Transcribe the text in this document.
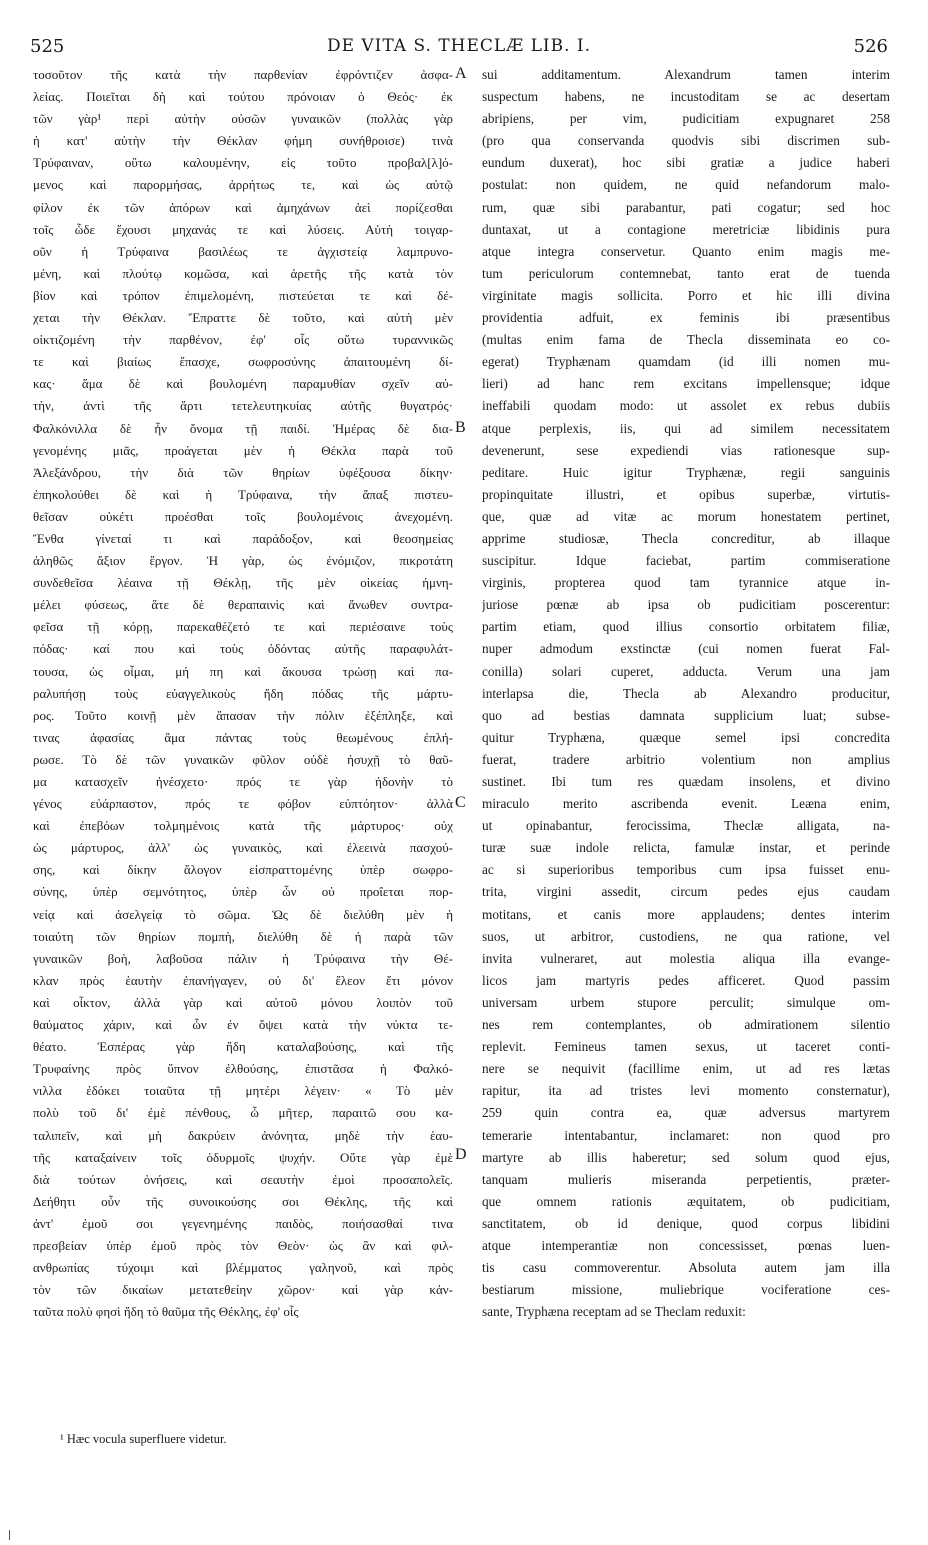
525	DE VITA S. THECLÆ LIB. I.	526
τοσοῦτον τῆς κατὰ τὴν παρθενίαν ἐφρόντιζεν ἀσφα-
λείας. Ποιεῖται δὴ καὶ τούτου πρόνοιαν ὁ Θεός· ἐκ
τῶν γὰρ¹ περὶ αὐτὴν οὐσῶν γυναικῶν (πολλὰς γὰρ
ἡ κατ' αὐτὴν τὴν Θέκλαν φήμη συνήθροισε) τινὰ
Τρύφαιναν, οὕτω καλουμένην, εἰς τοῦτο προβαλ[λ]ό-
μενος καὶ παρορμήσας, ἀρρήτως τε, καὶ ὡς αὐτῷ
φίλον ἐκ τῶν ἀπόρων καὶ ἀμηχάνων ἀεὶ πορίζεσθαι
τοῖς ὧδε ἔχουσι μηχανάς τε καὶ λύσεις. Αὐτὴ τοιγαρ-
οῦν ἡ Τρύφαινα βασιλέως τε ἀγχιστείᾳ λαμπρυνο-
μένη, καὶ πλούτῳ κομῶσα, καὶ ἀρετῆς τῆς κατὰ τὸν
βίον καὶ τρόπον ἐπιμελομένη, πιστεύεται τε καὶ δέ-
χεται τὴν Θέκλαν. Ἔπραττε δὲ τοῦτο, καὶ αὐτὴ μὲν
οἰκτιζομένη τὴν παρθένον, ἐφ' οἷς οὕτω τυραννικῶς
τε καὶ βιαίως ἔπασχε, σωφροσύνης ἀπαιτουμένη δί-
κας· ἅμα δὲ καὶ βουλομένη παραμυθίαν σχεῖν αὐ-
τὴν, ἀντὶ τῆς ἄρτι τετελευτηκυίας αὐτῆς θυγατρός·
Φαλκόνιλλα δὲ ἦν ὄνομα τῇ παιδί. Ἡμέρας δὲ δια-
γενομένης μιᾶς, προάγεται μὲν ἡ Θέκλα παρὰ τοῦ
Ἀλεξάνδρου, τὴν διὰ τῶν θηρίων ὑφέξουσα δίκην·
ἐπηκολούθει δὲ καὶ ἡ Τρύφαινα, τὴν ἅπαξ πιστευ-
θεῖσαν οὐκέτι προέσθαι τοῖς βουλομένοις ἀνεχομένη.
Ἔνθα γίνεταί τι καὶ παράδοξον, καὶ θεοσημείας
ἀληθῶς ἄξιον ἔργον. Ἡ γὰρ, ὡς ἐνόμιζον, πικροτάτη
συνδεθεῖσα λέαινα τῇ Θέκλῃ, τῆς μὲν οἰκείας ἠμνη-
μέλει φύσεως, ἅτε δὲ θεραπαινὶς καὶ ἄνωθεν συντρα-
φεῖσα τῇ κόρῃ, παρεκαθέζετό τε καὶ περιέσαινε τοὺς
πόδας· καί που καὶ τοὺς ὀδόντας αὐτῆς παραφυλάτ-
τουσα, ὡς οἶμαι, μή πη καὶ ἄκουσα τρώσῃ καὶ πα-
ραλυπήσῃ τοὺς εὐαγγελικοὺς ἤδη πόδας τῆς μάρτυ-
ρος. Τοῦτο κοινῇ μὲν ἅπασαν τὴν πόλιν ἐξέπληξε, καὶ
τινας ἀφασίας ἅμα πάντας τοὺς θεωμένους ἐπλή-
ρωσε. Τὸ δὲ τῶν γυναικῶν φῦλον οὐδὲ ἡσυχῇ τὸ θαῦ-
μα κατασχεῖν ἠνέσχετο· πρός τε γὰρ ἡδονὴν τὸ
γένος εὐάρπαστον, πρός τε φόβον εὐπτόητον· ἀλλὰ
καὶ ἐπεβόων τολμημένοις κατὰ τῆς μάρτυρος· οὐχ
ὡς μάρτυρος, ἀλλ' ὡς γυναικὸς, καὶ ἐλεεινὰ πασχού-
σης, καὶ δίκην ἄλογον εἰσπραττομένης ὑπὲρ σωφρο-
σύνης, ὑπὲρ σεμνότητος, ὑπὲρ ὧν οὐ προΐεται πορ-
νείᾳ καὶ ἀσελγείᾳ τὸ σῶμα. Ὡς δὲ διελύθη μὲν ἡ
τοιαύτη τῶν θηρίων πομπὴ, διελύθη δὲ ἡ παρὰ τῶν
γυναικῶν βοὴ, λαβοῦσα πάλιν ἡ Τρύφαινα τὴν Θέ-
κλαν πρὸς ἑαυτὴν ἐπανήγαγεν, οὐ δι' ἔλεον ἔτι μόνον
καὶ οἶκτον, ἀλλὰ γὰρ καὶ αὐτοῦ μόνου λοιπὸν τοῦ
θαύματος χάριν, καὶ ὧν ἐν ὄψει κατὰ τὴν νύκτα τε-
θέατο. Ἑσπέρας γὰρ ἤδη καταλαβούσης, καὶ τῆς
Τρυφαίνης πρὸς ὕπνον ἐλθούσης, ἐπιστᾶσα ἡ Φαλκό-
νιλλα ἐδόκει τοιαῦτα τῇ μητέρι λέγειν· « Τὸ μὲν
πολὺ τοῦ δι' ἐμὲ πένθους, ὦ μῆτερ, παραιτῶ σου κα-
ταλιπεῖν, καὶ μὴ δακρύειν ἀνόνητα, μηδὲ τὴν ἑαυ-
τῆς καταξαίνειν τοῖς ὀδυρμοῖς ψυχήν. Οὔτε γὰρ ἐμὲ
διὰ τούτων ὀνήσεις, καὶ σεαυτὴν ἐμοὶ προσαπολεῖς.
Δεήθητι οὖν τῆς συνοικούσης σοι Θέκλης, τῆς καὶ
ἀντ' ἐμοῦ σοι γεγενημένης παιδὸς, ποιήσασθαί τινα
πρεσβείαν ὑπὲρ ἐμοῦ πρὸς τὸν Θεὸν· ὡς ἂν καὶ φιλ-
ανθρωπίας τύχοιμι καὶ βλέμματος γαληνοῦ, καὶ πρὸς
τὸν τῶν δικαίων μετατεθείην χῶρον· καὶ γὰρ κἀν-
ταῦτα πολὺ φησὶ ἤδη τὸ θαῦμα τῆς Θέκλης, ἐφ' οἷς
sui additamentum. Alexandrum tamen interim
suspectum habens, ne incustoditam se ac desertam
abripiens, per vim, pudicitiam expugnaret 258
(pro qua conservanda quodvis sibi discrimen sub-
eundum duxerat), hoc sibi gratiæ a judice haberi
postulat: non quidem, ne quid nefandorum malo-
rum, quæ sibi parabantur, pati cogatur; sed hoc
duntaxat, ut a contagione meretriciæ libidinis pura
atque integra conservetur. Quanto enim magis me-
tum periculorum contemnebat, tanto erat de tuenda
virginitate magis sollicita. Porro et hic illi divina
providentia adfuit, ex feminis ibi præsentibus
(multas enim fama de Thecla disseminata eo co-
egerat) Tryphænam quamdam (id illi nomen mu-
lieri) ad hanc rem excitans impellensque; idque
ineffabili quodam modo: ut assolet ex rebus dubiis
atque perplexis, iis, qui ad similem necessitatem
devenerunt, sese expediendi vias rationesque sup-
peditare. Huic igitur Tryphænæ, regii sanguinis
propinquitate illustri, et opibus superbæ, virtutis-
que, quæ ad vitæ ac morum honestatem pertinet,
apprime studiosæ, Thecla concreditur, ab illaque
suscipitur. Idque faciebat, partim commiseratione
virginis, propterea quod tam tyrannice atque in-
juriose pœnæ ab ipsa ob pudicitiam poscerentur:
partim etiam, quod illius consortio orbitatem filiæ,
nuper admodum exstinctæ (cui nomen fuerat Fal-
conilla) solari cuperet, adducta. Verum una jam
interlapsa die, Thecla ab Alexandro producitur,
quo ad bestias damnata supplicium luat; subse-
quitur Tryphæna, quæque semel ipsi concredita
fuerat, tradere arbitrio volentium non amplius
sustinet. Ibi tum res quædam insolens, et divino
miraculo merito ascribenda evenit. Leæna enim,
ut opinabantur, ferocissima, Theclæ alligata, na-
turæ suæ indole relicta, famulæ instar, et perinde
ac si superioribus temporibus cum ipsa fuisset enu-
trita, virgini assedit, circum pedes ejus caudam
motitans, et canis more applaudens; dentes interim
suos, ut arbitror, custodiens, ne qua ratione, vel
invita vulneraret, aut molestia aliqua illa evange-
licos jam martyris pedes afficeret. Quod passim
universam urbem stupore perculit; simulque om-
nes rem contemplantes, ob admirationem silentio
replevit. Femineus tamen sexus, ut taceret conti-
nere se nequivit (facillime enim, ut ad res lætas
rapitur, ita ad tristes levi momento consternatur),
259 quin contra ea, quæ adversus martyrem
temerarie intentabantur, inclamaret: non quod pro
martyre ab illis haberetur; sed solum quod ejus,
tanquam mulieris miseranda perpetientis, præter-
que omnem rationis æquitatem, ob pudicitiam,
sanctitatem, ob id denique, quod corpus libidini
atque intemperantiæ non concessisset, pœnas luen-
tis casu commoverentur. Absoluta autem jam illa
bestiarum missione, muliebrique vociferatione ces-
sante, Tryphæna receptam ad se Theclam reduxit:
A
B
C
D
¹ Hæc vocula superfluere videtur.
